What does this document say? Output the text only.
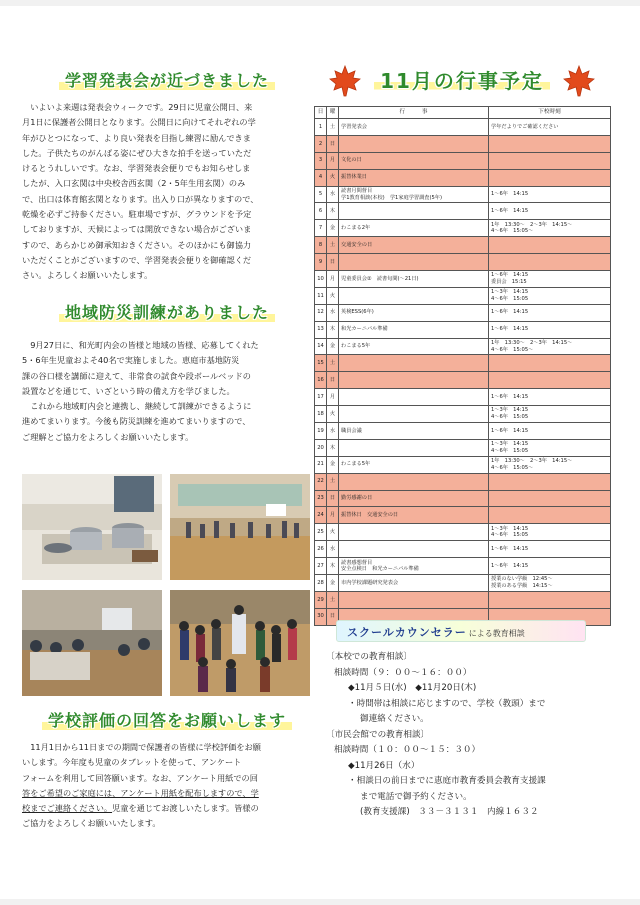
学習発表会が近づきました

いよいよ来週は発表会ウィークです。29日に児童公開日、来
月1日に保護者公開日となります。公開日に向けてそれぞれの学
年がひとつになって、より良い発表を目指し練習に励んできま
した。子供たちのがんばる姿にぜひ大きな拍手を送っていただ
けるとうれしいです。なお、学習発表会便りでもお知らせしま
したが、入口玄関は中央校舎西玄関（2・5年生用玄関）のみ
で、出口は体育館玄関となります。出入り口が異なりますので、
乾燥を必ずご持参ください。駐車場ですが、グラウンドを予定
しておりますが、天候によっては開放できない場合がございま
すので、あらかじめ御承知おきください。そのほかにも御協力
いただくことがございますので、学習発表会便りを御確認くだ
さい。よろしくお願いいたします。

地域防災訓練がありました

9月27日に、和光町内会の皆様と地域の皆様、応募してくれた
5・6年生児童およそ40名で実施しました。恵庭市基地防災
課の谷口様を講師に迎えて、非常食の試食や段ボールベッドの
設置などを通じて、いざという時の備え方を学びました。

これから地域町内会と連携し、継続して訓練ができるように
進めてまいります。今後も防災訓練を進めてまいりますので、
ご理解とご協力をよろしくお願いいたします。

学校評価の回答をお願いします

11月1日から11日までの期間で保護者の皆様に学校評価をお願
いします。今年度も児童のタブレットを使って、アンケート
フォームを利用して回答願います。なお、アンケート用紙での回
答をご希望のご家庭には、アンケート用紙を配布しますので、学
校までご連絡ください。児童を通じてお渡しいたします。皆様の
ご協力をよろしくお願いいたします。

11月の行事予定
日	曜	行　　　事	下校時刻
1	土	学習発表会	学年だよりでご確認ください

2	日		
3	月	文化の日	

4	火	振替休業日	

5	水	読書月間督目
学1教育相談(本校)　学1家庭学習調査(5年)	1〜6年　14:15

6	木		1〜6年　14:15

7	金	わこまる2年	1年　13:30〜　2〜3年　14:15〜
4〜6年　15:05〜

8	土	交通安全の日	

9	日		
10	月	児童委員会②　読書旬間(〜21日)	1〜6年　14:15
委員会　15:15

11	火		1〜3年　14:15
4〜6年　15:05

12	水	英検ESS(6年)	1〜6年　14:15

13	木	和光カーニバル準備	1〜6年　14:15

14	金	わこまる5年	1年　13:30〜　2〜3年　14:15〜
4〜6年　15:05〜

15	土		
16	日		
17	月		1〜6年　14:15

18	火		1〜3年　14:15
4〜6年　15:05

19	水	職員会議	1〜6年　14:15

20	木		1〜3年　14:15
4〜6年　15:05

21	金	わこまる5年	1年　13:30〜　2〜3年　14:15〜
4〜6年　15:05〜

22	土		
23	日	勤労感謝の日	

24	月	振替休日　交通安全の日	

25	火		1〜3年　14:15
4〜6年　15:05

26	水		1〜6年　14:15

27	木	読書感想督目
安全点検日　和光カーニバル準備	1〜6年　14:15

28	金	市内学校課題研究発表会	授業のない学級　12:45〜
授業のある学級　14:15〜

29	土		
30	日		
スクールカウンセラー による教育相談

〔本校での教育相談〕

相談時間（９：００〜１６：００）

◆11月５日(水)　◆11月20日(木)

・時間帯は相談に応じますので、学校（教頭）まで

御連絡ください。

〔市民会館での教育相談〕

相談時間（１０：００〜１５：３０）

◆11月26日（水）

・相談日の前日までに恵庭市教育委員会教育支援課

まで電話で御予約ください。

(教育支援課)　３３－３１３１　内線１６３２
